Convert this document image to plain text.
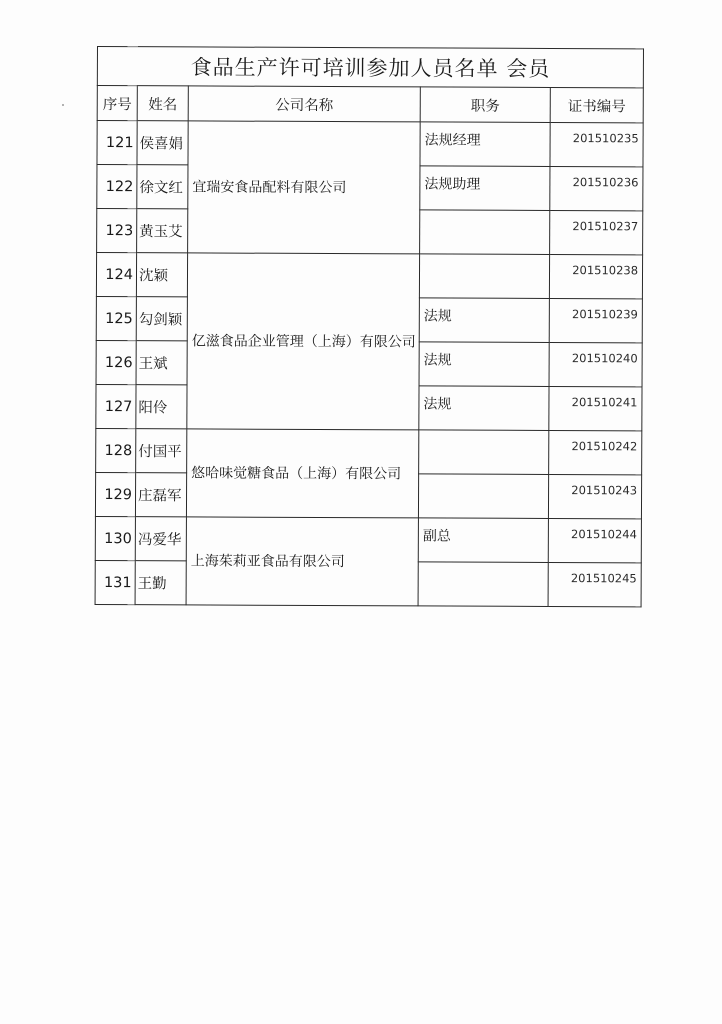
食品生产许可培训参加人员名单 会员				
序号	姓名	公司名称	职务	证书编号
121	侯喜娟	宜瑞安食品配料有限公司	法规经理	201510235
122	徐文红		法规助理	201510236
123	黄玉艾			201510237
124	沈颖	亿滋食品企业管理（上海）有限公司		201510238
125	勾剑颖		法规	201510239
126	王斌		法规	201510240
127	阳伶		法规	201510241
128	付国平	悠哈味觉糖食品（上海）有限公司		201510242
129	庄磊军			201510243
130	冯爱华	上海茱莉亚食品有限公司	副总	201510244
131	王勤			201510245
